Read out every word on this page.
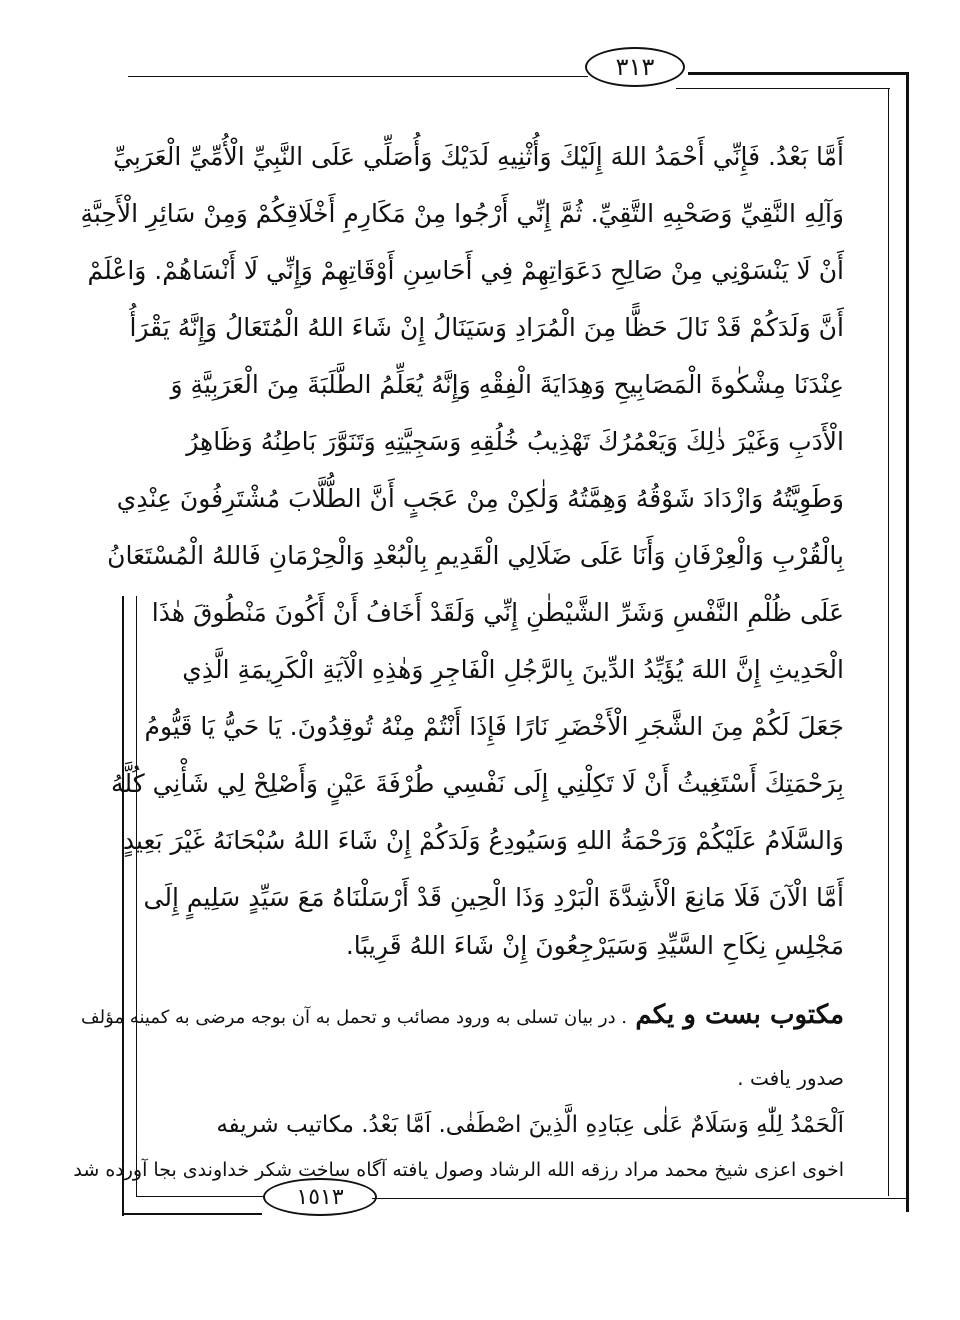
٣١٣
١٥١٣
أَمَّا بَعْدُ. فَإِنِّي أَحْمَدُ اللهَ إِلَيْكَ وَأُثْنِيهِ لَدَيْكَ وَأُصَلِّي عَلَى النَّبِيِّ الْأُمِّيِّ الْعَرَبِيِّ
وَآلِهِ النَّقِيِّ وَصَحْبِهِ التَّقِيِّ. ثُمَّ إِنِّي أَرْجُوا مِنْ مَكَارِمِ أَخْلَاقِكُمْ وَمِنْ سَائِرِ الْأَحِبَّةِ
أَنْ لَا يَنْسَوْنِي مِنْ صَالِحِ دَعَوَاتِهِمْ فِي أَحَاسِنِ أَوْقَاتِهِمْ وَإِنِّي لَا أَنْسَاهُمْ. وَاعْلَمْ
أَنَّ وَلَدَكُمْ قَدْ نَالَ حَظًّا مِنَ الْمُرَادِ وَسَيَنَالُ إِنْ شَاءَ اللهُ الْمُتَعَالُ وَإِنَّهُ يَقْرَأُ
عِنْدَنَا مِشْكٰوةَ الْمَصَابِيحِ وَهِدَايَةَ الْفِقْهِ وَإِنَّهُ يُعَلِّمُ الطَّلَبَةَ مِنَ الْعَرَبِيَّةِ وَ
الْأَدَبِ وَغَيْرَ ذٰلِكَ وَيَعْمُرُكَ تَهْذِيبُ خُلُقِهِ وَسَجِيَّتِهِ وَتَنَوَّرَ بَاطِنُهُ وَظَاهِرُ
وَطَوِيَّتُهُ وَازْدَادَ شَوْقُهُ وَهِمَّتُهُ وَلٰكِنْ مِنْ عَجَبٍ أَنَّ الطُّلَّابَ مُشْتَرِفُونَ عِنْدِي
بِالْقُرْبِ وَالْعِرْفَانِ وَأَنَا عَلَى ضَلَالِي الْقَدِيمِ بِالْبُعْدِ وَالْحِرْمَانِ فَاللهُ الْمُسْتَعَانُ
عَلَى ظُلْمِ النَّفْسِ وَشَرِّ الشَّيْطٰنِ إِنِّي وَلَقَدْ أَخَافُ أَنْ أَكُونَ مَنْطُوقَ هٰذَا
الْحَدِيثِ إِنَّ اللهَ يُؤَيِّدُ الدِّينَ بِالرَّجُلِ الْفَاجِرِ وَهٰذِهِ الْآيَةِ الْكَرِيمَةِ الَّذِي
جَعَلَ لَكُمْ مِنَ الشَّجَرِ الْأَخْضَرِ نَارًا فَإِذَا أَنْتُمْ مِنْهُ تُوقِدُونَ. يَا حَيُّ يَا قَيُّومُ
بِرَحْمَتِكَ أَسْتَغِيثُ أَنْ لَا تَكِلْنِي إِلَى نَفْسِي طُرْفَةَ عَيْنٍ وَأَصْلِحْ لِي شَأْنِي كُلَّهُ
وَالسَّلَامُ عَلَيْكُمْ وَرَحْمَةُ اللهِ وَسَيُودِعُ وَلَدَكُمْ إِنْ شَاءَ اللهُ سُبْحَانَهُ غَيْرَ بَعِيدٍ
أَمَّا الْآنَ فَلَا مَانِعَ الْأَشِدَّةَ الْبَرْدِ وَذَا الْحِينِ قَدْ أَرْسَلْنَاهُ مَعَ سَيِّدٍ سَلِيمٍ إِلَى
مَجْلِسِ نِكَاحِ السَّيِّدِ وَسَيَرْجِعُونَ إِنْ شَاءَ اللهُ قَرِيبًا.
مکتوب بست و یکم . در بیان تسلی به ورود مصائب و تحمل به آن بوجه مرضی به کمینه مؤلف
صدور یافت .
اَلْحَمْدُ لِلّٰهِ وَسَلَامٌ عَلٰى عِبَادِهِ الَّذِينَ اصْطَفٰى. اَمَّا بَعْدُ. مکاتیب شریفه
اخوی اعزی شیخ محمد مراد رزقه الله الرشاد وصول یافته آگاه ساخت شکر خداوندی بجا آورده شد
